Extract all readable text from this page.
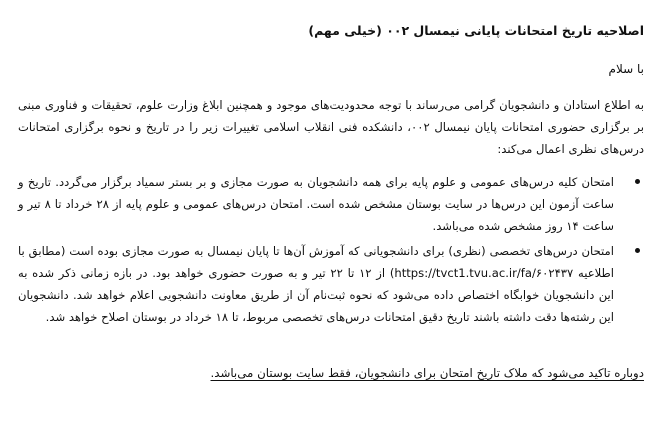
اصلاحیه تاریخ امتحانات پایانی نیمسال ۰۰۲ (خیلی مهم)
با سلام

به اطلاع استادان و دانشجویان گرامی می‌رساند با توجه محدودیت‌های موجود و همچنین ابلاغ وزارت علوم، تحقیقات و فناوری مبنی بر برگزاری حضوری امتحانات پایان نیمسال ۰۰۲، دانشکده فنی انقلاب اسلامی تغییرات زیر را در تاریخ و نحوه برگزاری امتحانات درس‌های نظری اعمال می‌کند:

امتحان کلیه درس‌های عمومی و علوم پایه برای همه دانشجویان به صورت مجازی و بر بستر سمیاد برگزار می‌گردد. تاریخ و ساعت آزمون این درس‌ها در سایت بوستان مشخص شده است. امتحان درس‌های عمومی و علوم پایه از ۲۸ خرداد تا ۸ تیر و ساعت ۱۴ روز مشخص شده می‌باشد.
امتحان درس‌های تخصصی (نظری) برای دانشجویانی که آموزش آن‌ها تا پایان نیمسال به صورت مجازی بوده است (مطابق با اطلاعیه https://tvct1.tvu.ac.ir/fa/۶۰۲۴۳۷) از ۱۲ تا ۲۲ تیر و به صورت حضوری خواهد بود. در بازه زمانی ذکر شده به این دانشجویان خوابگاه اختصاص داده می‌شود که نحوه ثبت‌نام آن از طریق معاونت دانشجویی اعلام خواهد شد. دانشجویان این رشته‌ها دقت داشته باشند تاریخ دقیق امتحانات درس‌های تخصصی مربوط، تا ۱۸ خرداد در بوستان اصلاح خواهد شد.
دوباره تاکید می‌شود که ملاک تاریخ امتحان برای دانشجویان، فقط سایت بوستان می‌باشد.
